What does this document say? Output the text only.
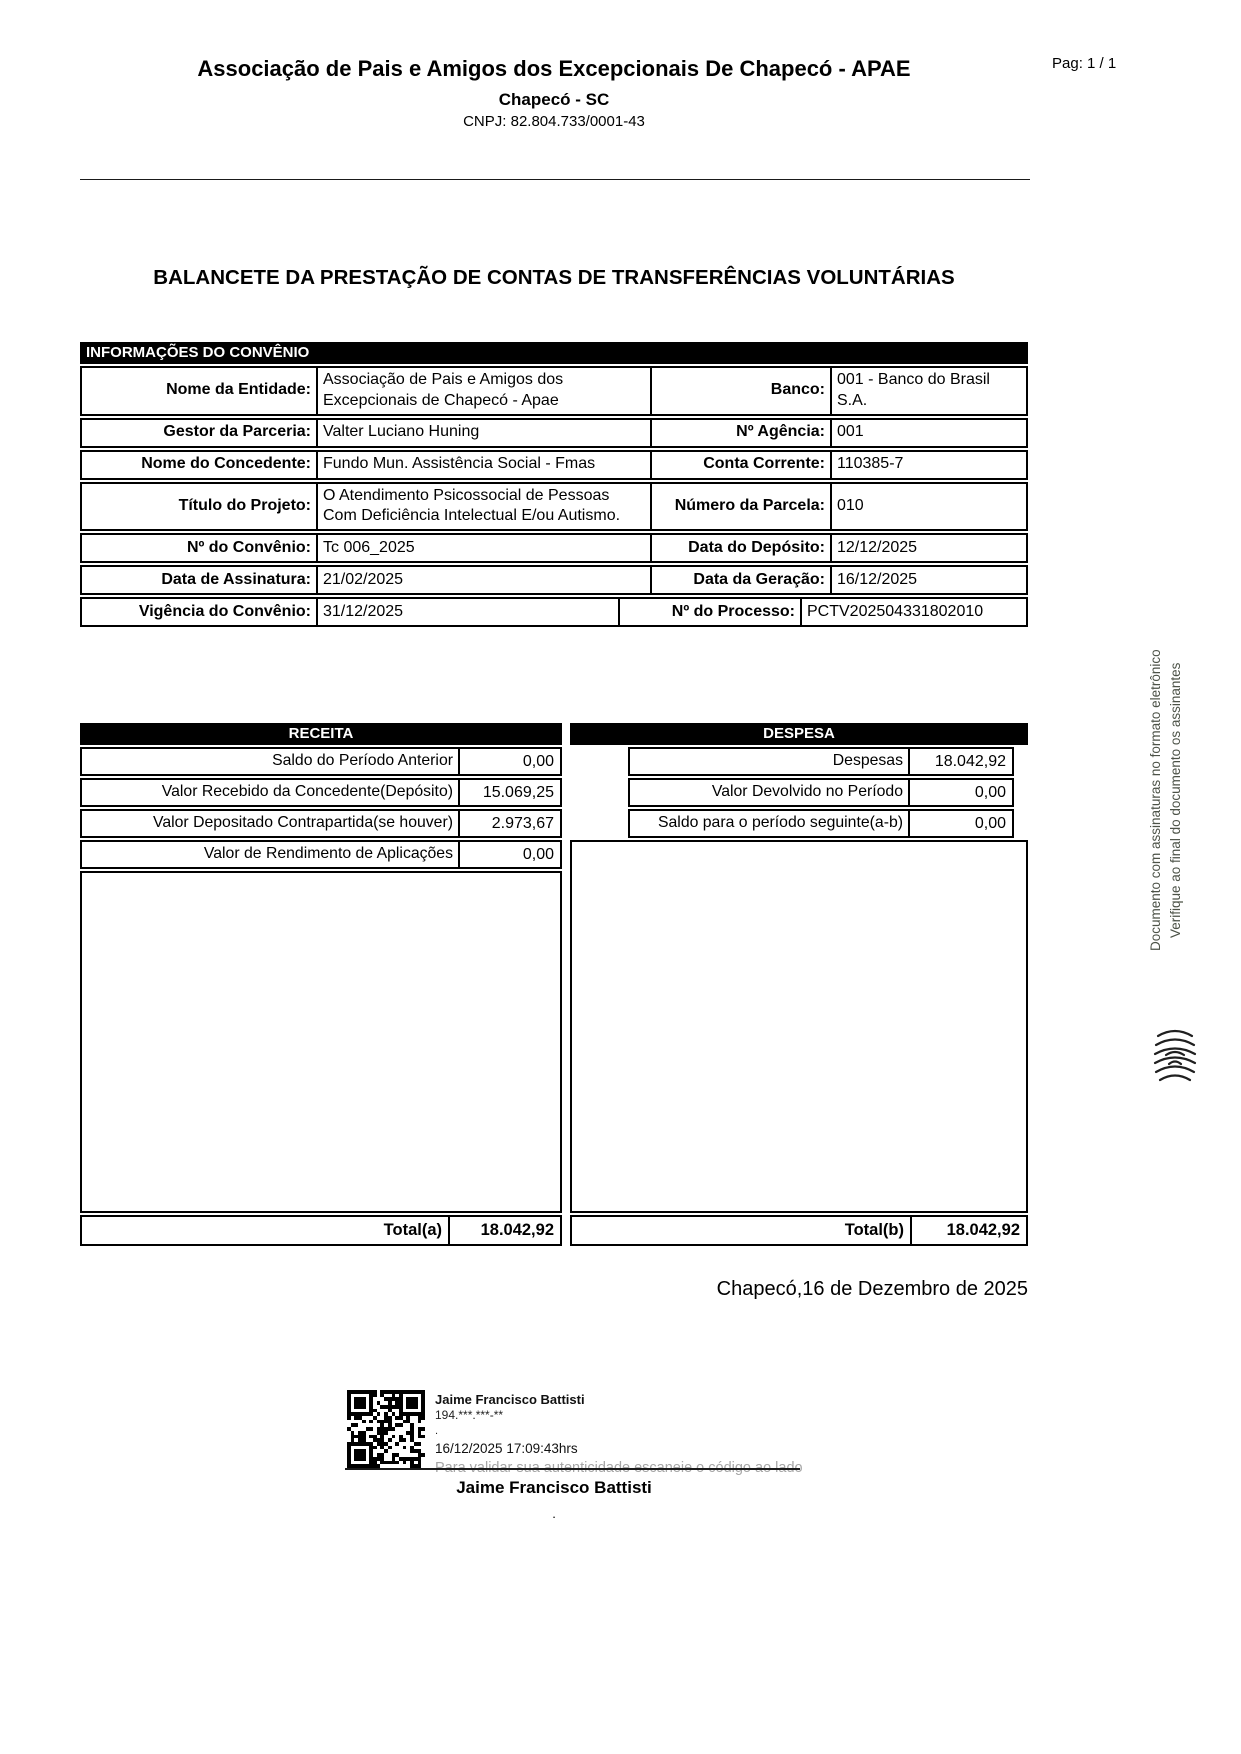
Pag: 1 / 1
Associação de Pais e Amigos dos Excepcionais De Chapecó - APAE
Chapecó - SC
CNPJ: 82.804.733/0001-43
BALANCETE DA PRESTAÇÃO DE CONTAS DE TRANSFERÊNCIAS VOLUNTÁRIAS
INFORMAÇÕES DO CONVÊNIO
Nome da Entidade:
Associação de Pais e Amigos dos Excepcionais de Chapecó - Apae
Banco:
001 - Banco do Brasil S.A.
Gestor da Parceria: Valter Luciano Huning	Nº Agência: 001
Nome do Concedente: Fundo Mun. Assistência Social - Fmas	Conta Corrente: 110385-7
Título do Projeto:
O Atendimento Psicossocial de Pessoas Com Deficiência Intelectual E/ou Autismo.
Número da Parcela: 010
Nº do Convênio: Tc 006_2025	Data do Depósito: 12/12/2025
Data de Assinatura: 21/02/2025	Data da Geração: 16/12/2025
Vigência do Convênio: 31/12/2025	Nº do Processo: PCTV202504331802010
RECEITA
Saldo do Período Anterior	0,00
Valor Recebido da Concedente(Depósito)	15.069,25
Valor Depositado Contrapartida(se houver)	2.973,67
Valor de Rendimento de Aplicações	0,00
Total(a)	18.042,92
DESPESA
Despesas	18.042,92
Valor Devolvido no Período	0,00
Saldo para o período seguinte(a-b)	0,00
Total(b)	18.042,92
Chapecó,16 de Dezembro de 2025
Jaime Francisco Battisti
194.***.***-**
.
16/12/2025 17:09:43hrs
Para validar sua autenticidade escaneie o código ao lado
Jaime Francisco Battisti
.
Documento com assinaturas no formato eletrônico Verifique ao final do documento os assinantes
